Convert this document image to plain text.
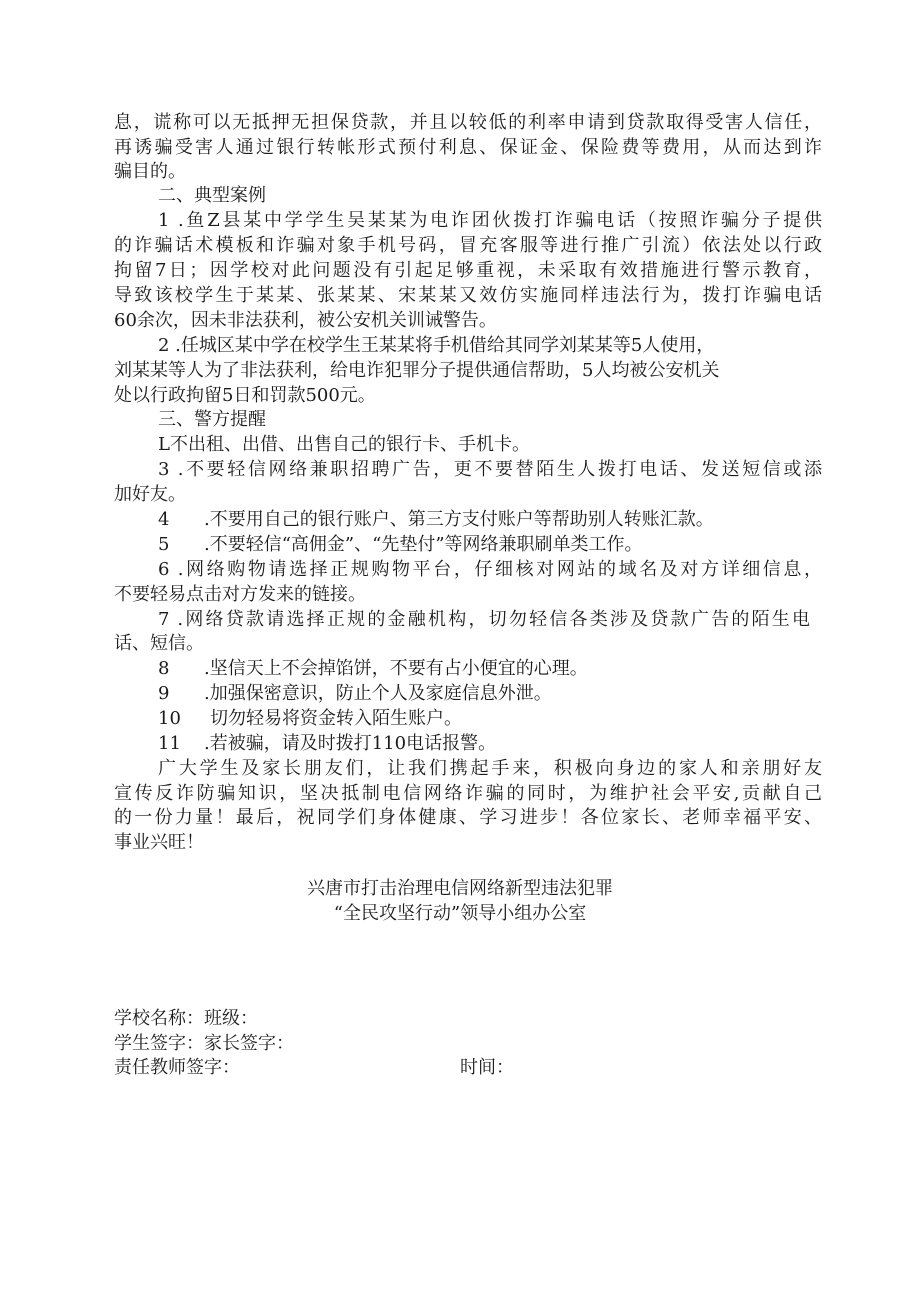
息，谎称可以无抵押无担保贷款，并且以较低的利率申请到贷款取得受害人信任，
再诱骗受害人通过银行转帐形式预付利息、保证金、保险费等费用，从而达到诈
骗目的。
二、典型案例
1 .鱼Z县某中学学生吴某某为电诈团伙拨打诈骗电话（按照诈骗分子提供
的诈骗话术模板和诈骗对象手机号码，冒充客服等进行推广引流）依法处以行政
拘留7日；因学校对此问题没有引起足够重视，未采取有效措施进行警示教育，
导致该校学生于某某、张某某、宋某某又效仿实施同样违法行为，拨打诈骗电话
60余次，因未非法获利，被公安机关训诫警告。
2 .任城区某中学在校学生王某某将手机借给其同学刘某某等5人使用，
刘某某等人为了非法获利，给电诈犯罪分子提供通信帮助，5人均被公安机关
处以行政拘留5日和罚款500元。
三、警方提醒
L不出租、出借、出售自己的银行卡、手机卡。
3 .不要轻信网络兼职招聘广告，更不要替陌生人拨打电话、发送短信或添
加好友。
4 .不要用自己的银行账户、第三方支付账户等帮助别人转账汇款。
5 .不要轻信“高佣金”、“先垫付”等网络兼职刷单类工作。
6 .网络购物请选择正规购物平台，仔细核对网站的域名及对方详细信息，
不要轻易点击对方发来的链接。
7 .网络贷款请选择正规的金融机构，切勿轻信各类涉及贷款广告的陌生电
话、短信。
8 .坚信天上不会掉馅饼，不要有占小便宜的心理。
9 .加强保密意识，防止个人及家庭信息外泄。
10 切勿轻易将资金转入陌生账户。
11 .若被骗，请及时拨打110电话报警。
广大学生及家长朋友们，让我们携起手来，积极向身边的家人和亲朋好友
宣传反诈防骗知识，坚决抵制电信网络诈骗的同时，为维护社会平安,贡献自己
的一份力量！最后，祝同学们身体健康、学习进步！各位家长、老师幸福平安、
事业兴旺！
兴唐市打击治理电信网络新型违法犯罪
“全民攻坚行动”领导小组办公室
学校名称：班级：
学生签字：家长签字：
责任教师签字：	时间：
